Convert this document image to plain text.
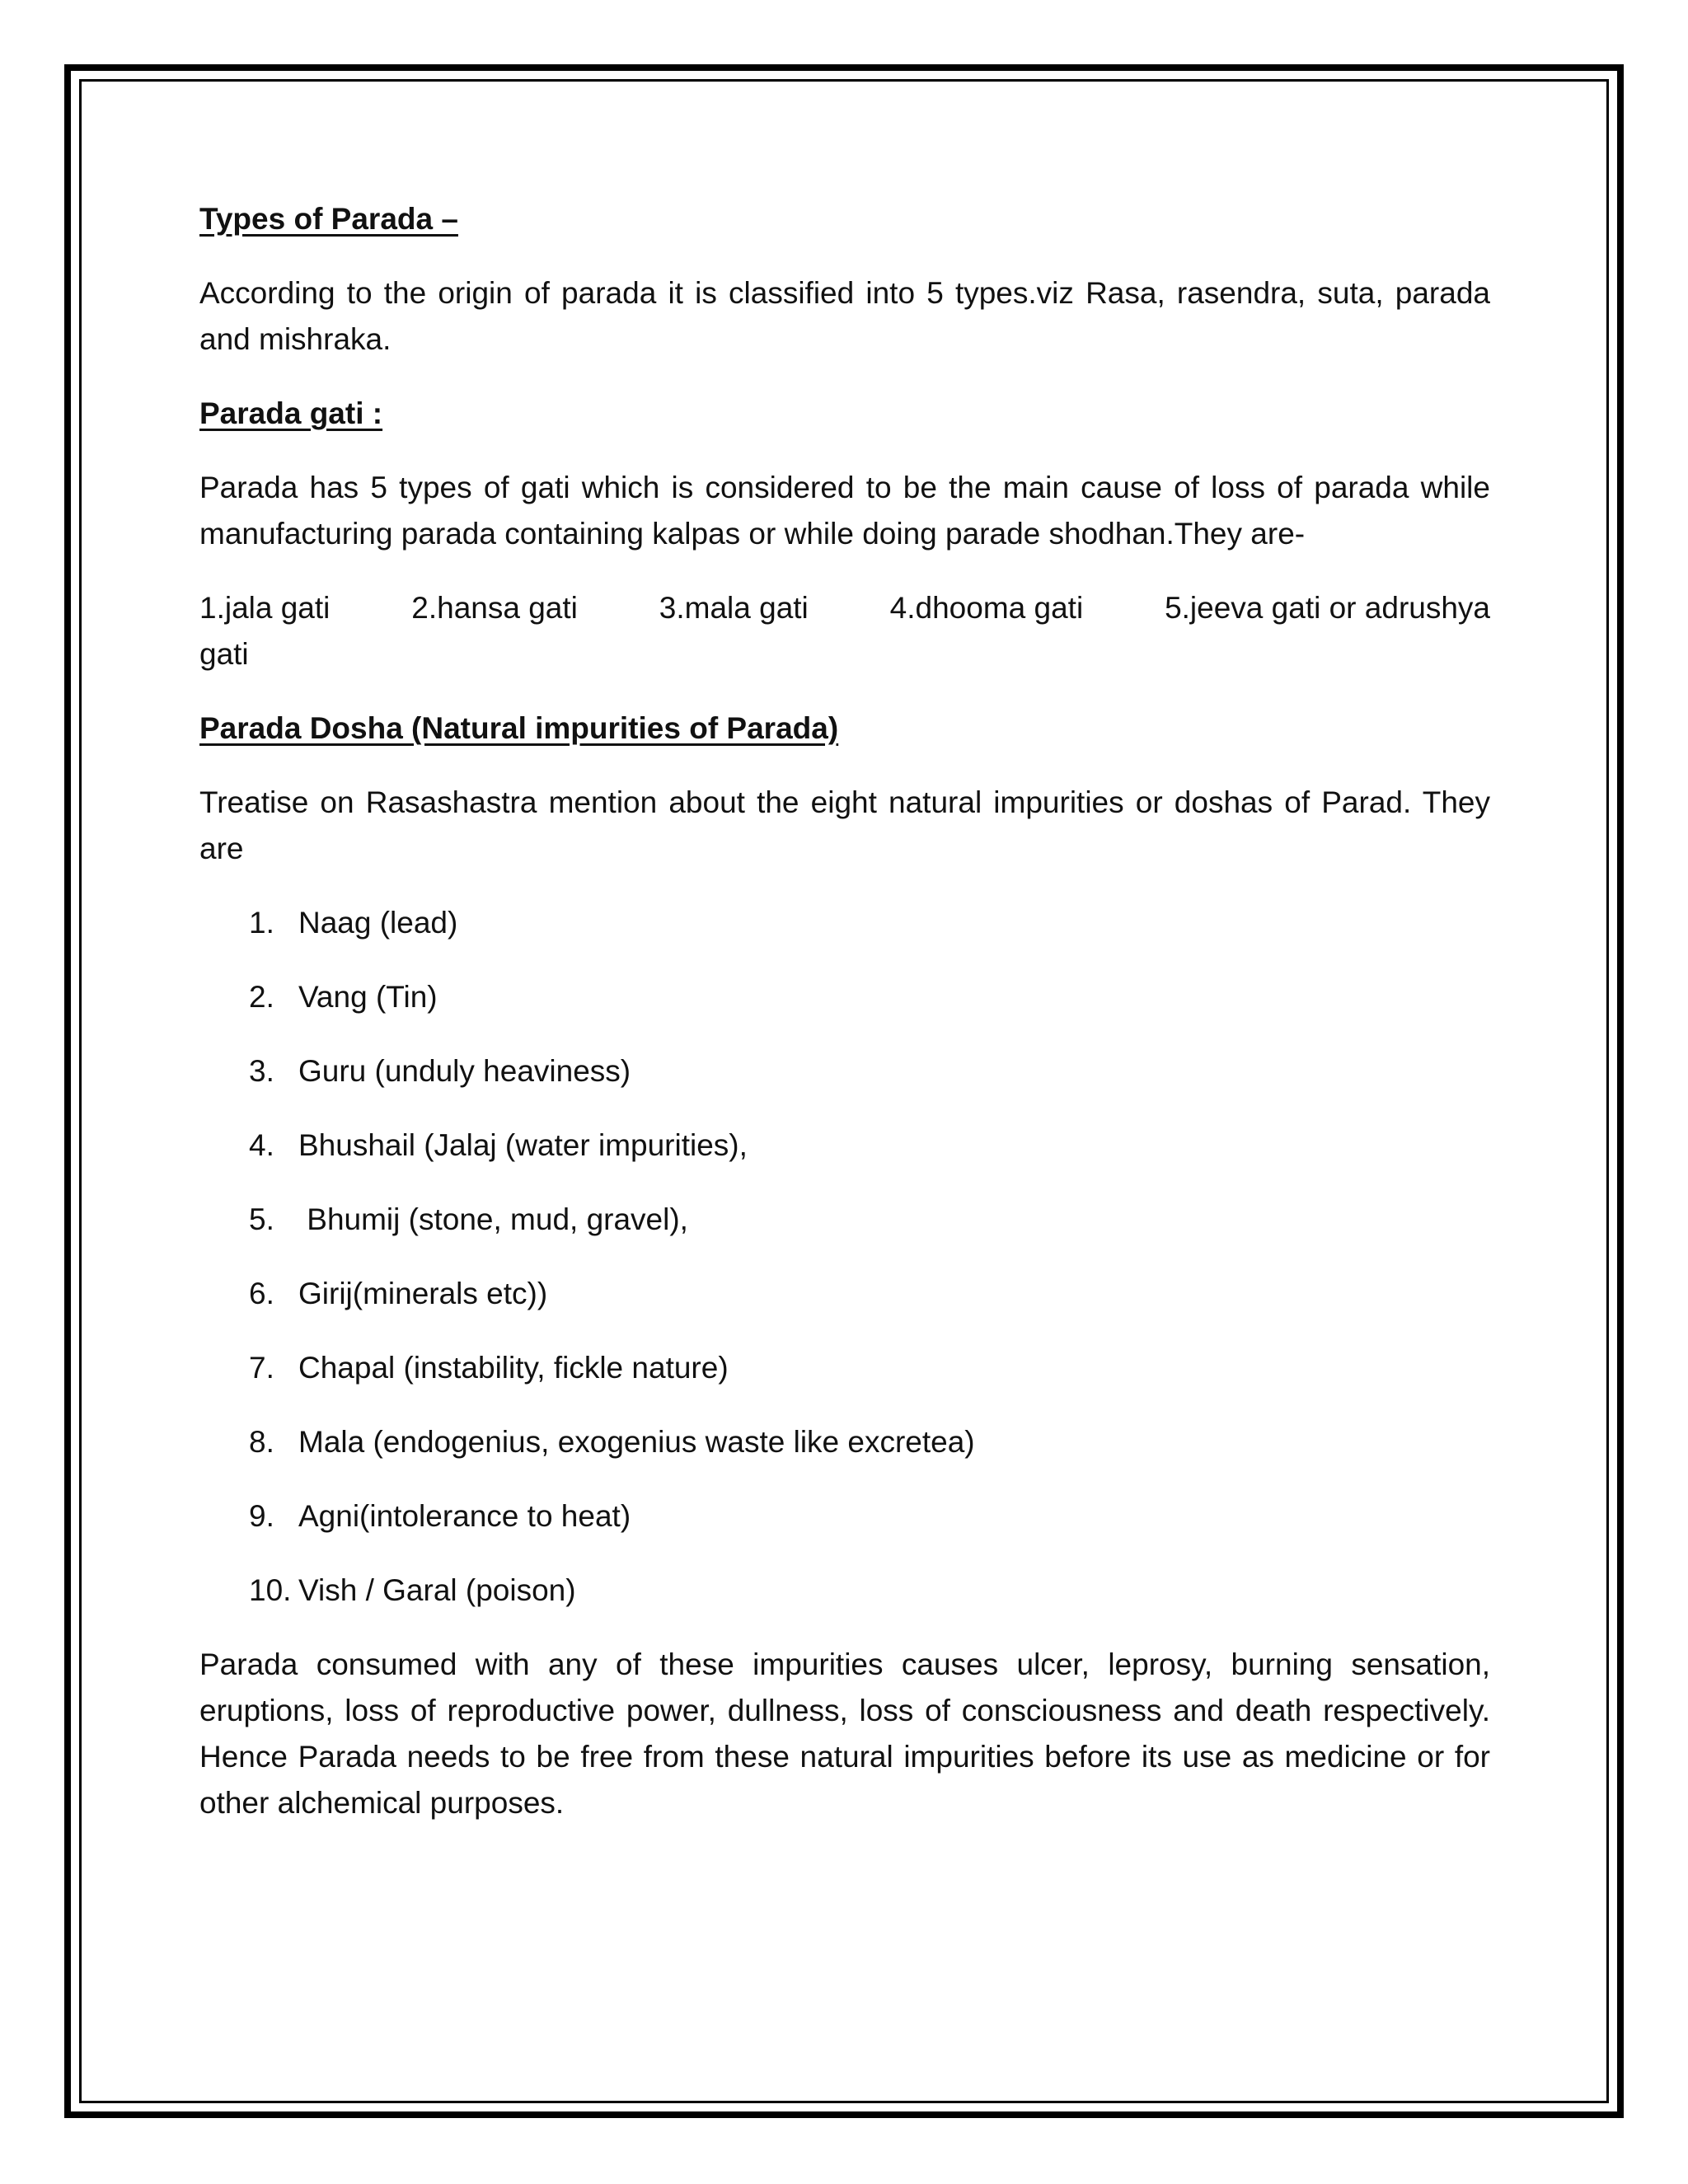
Types of Parada –

According to the origin of parada it is classified into 5 types.viz Rasa, rasendra, suta, parada and mishraka.

Parada gati :

Parada has 5 types of gati which is considered to be the main cause of loss of parada while manufacturing parada containing kalpas or while doing parade shodhan.They are-

1.jala gati	2.hansa gati	3.mala gati	4.dhooma gati	5.jeeva gati or adrushya
gati
Parada Dosha (Natural impurities of Parada)

Treatise on Rasashastra mention about the eight natural impurities or doshas of Parad. They are

1. Naag (lead)
2. Vang (Tin)
3. Guru (unduly heaviness)
4. Bhushail (Jalaj (water impurities),
5. Bhumij (stone, mud, gravel),
6. Girij(minerals etc))
7. Chapal (instability, fickle nature)
8. Mala (endogenius, exogenius waste like excretea)
9. Agni(intolerance to heat)
10. Vish / Garal (poison)

Parada consumed with any of these impurities causes ulcer, leprosy, burning sensation, eruptions, loss of reproductive power, dullness, loss of consciousness and death respectively. Hence Parada needs to be free from these natural impurities before its use as medicine or for other alchemical purposes.
